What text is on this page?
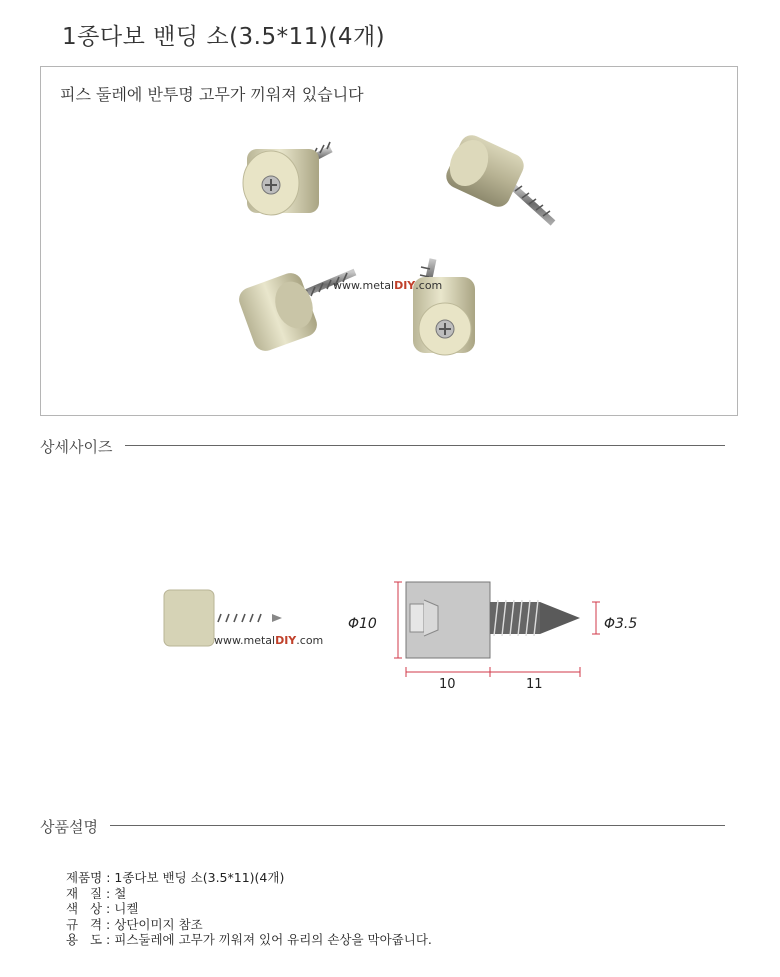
1종다보 밴딩 소(3.5*11)(4개)
피스 둘레에 반투명 고무가 끼워져 있습니다
www.metalDIY.com
상세사이즈
www.metalDIY.com
Φ10	Φ3.5
10	11
상품설명
제품명 : 1종다보 밴딩 소(3.5*11)(4개)
재   질 : 철
색   상 : 니켈
규   격 : 상단이미지 참조
용   도 : 피스둘레에 고무가 끼워져 있어 유리의 손상을 막아줍니다.
